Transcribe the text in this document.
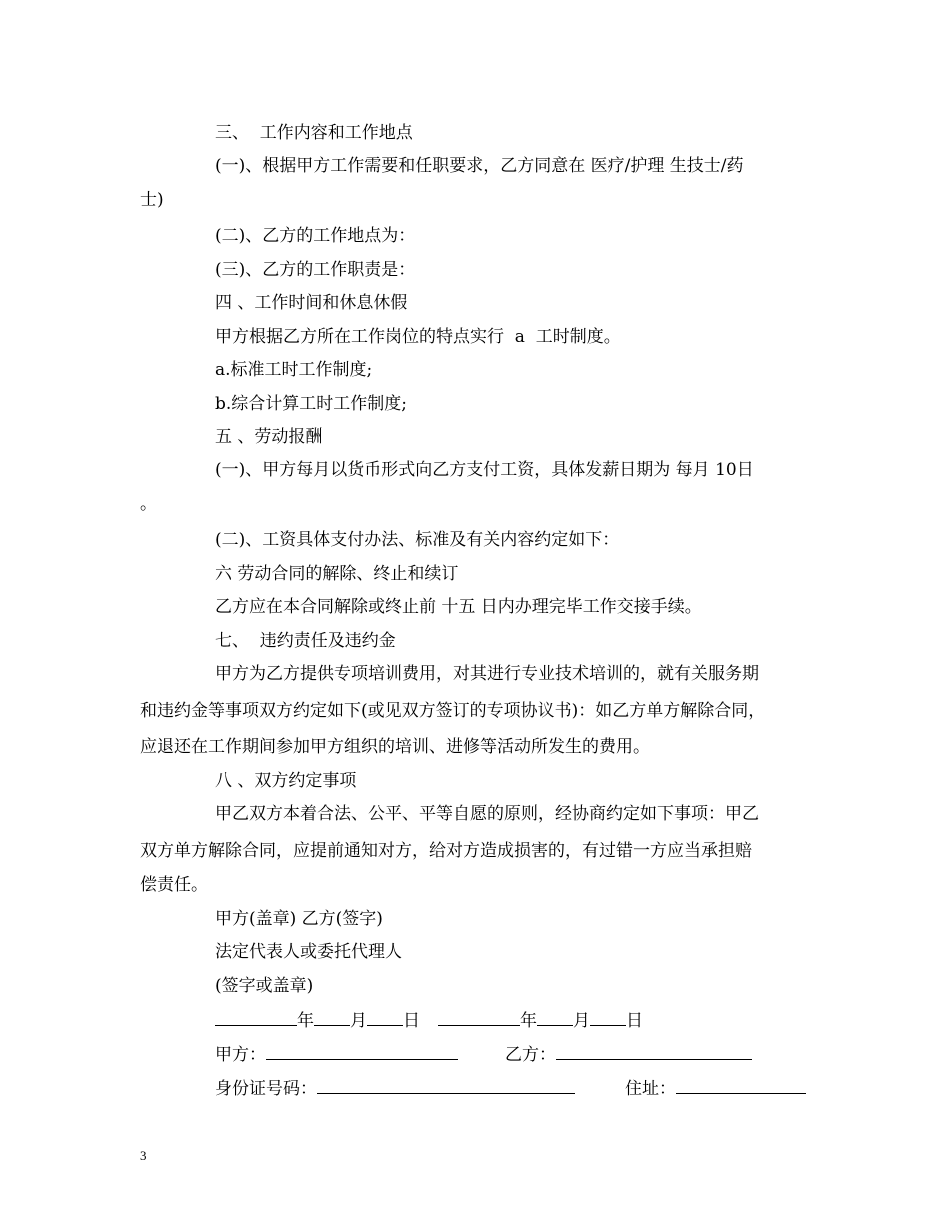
三、  工作内容和工作地点
(一)、根据甲方工作需要和任职要求，乙方同意在 医疗/护理 生技士/药
士)
(二)、乙方的工作地点为：
(三)、乙方的工作职责是：
四 、工作时间和休息休假
甲方根据乙方所在工作岗位的特点实行  a  工时制度。
a.标准工时工作制度;
b.综合计算工时工作制度;
五 、劳动报酬
(一)、甲方每月以货币形式向乙方支付工资，具体发薪日期为 每月 10日
。
(二)、工资具体支付办法、标准及有关内容约定如下：
六 劳动合同的解除、终止和续订
乙方应在本合同解除或终止前 十五 日内办理完毕工作交接手续。
七、  违约责任及违约金
甲方为乙方提供专项培训费用，对其进行专业技术培训的，就有关服务期
和违约金等事项双方约定如下(或见双方签订的专项协议书)：如乙方单方解除合同，
应退还在工作期间参加甲方组织的培训、进修等活动所发生的费用。
八 、双方约定事项
甲乙双方本着合法、公平、平等自愿的原则，经协商约定如下事项：甲乙
双方单方解除合同，应提前通知对方，给对方造成损害的，有过错一方应当承担赔
偿责任。
甲方(盖章) 乙方(签字)
法定代表人或委托代理人
(签字或盖章)
年 月 日	年 月 日
甲方：	乙方：
身份证号码：	住址：
3
